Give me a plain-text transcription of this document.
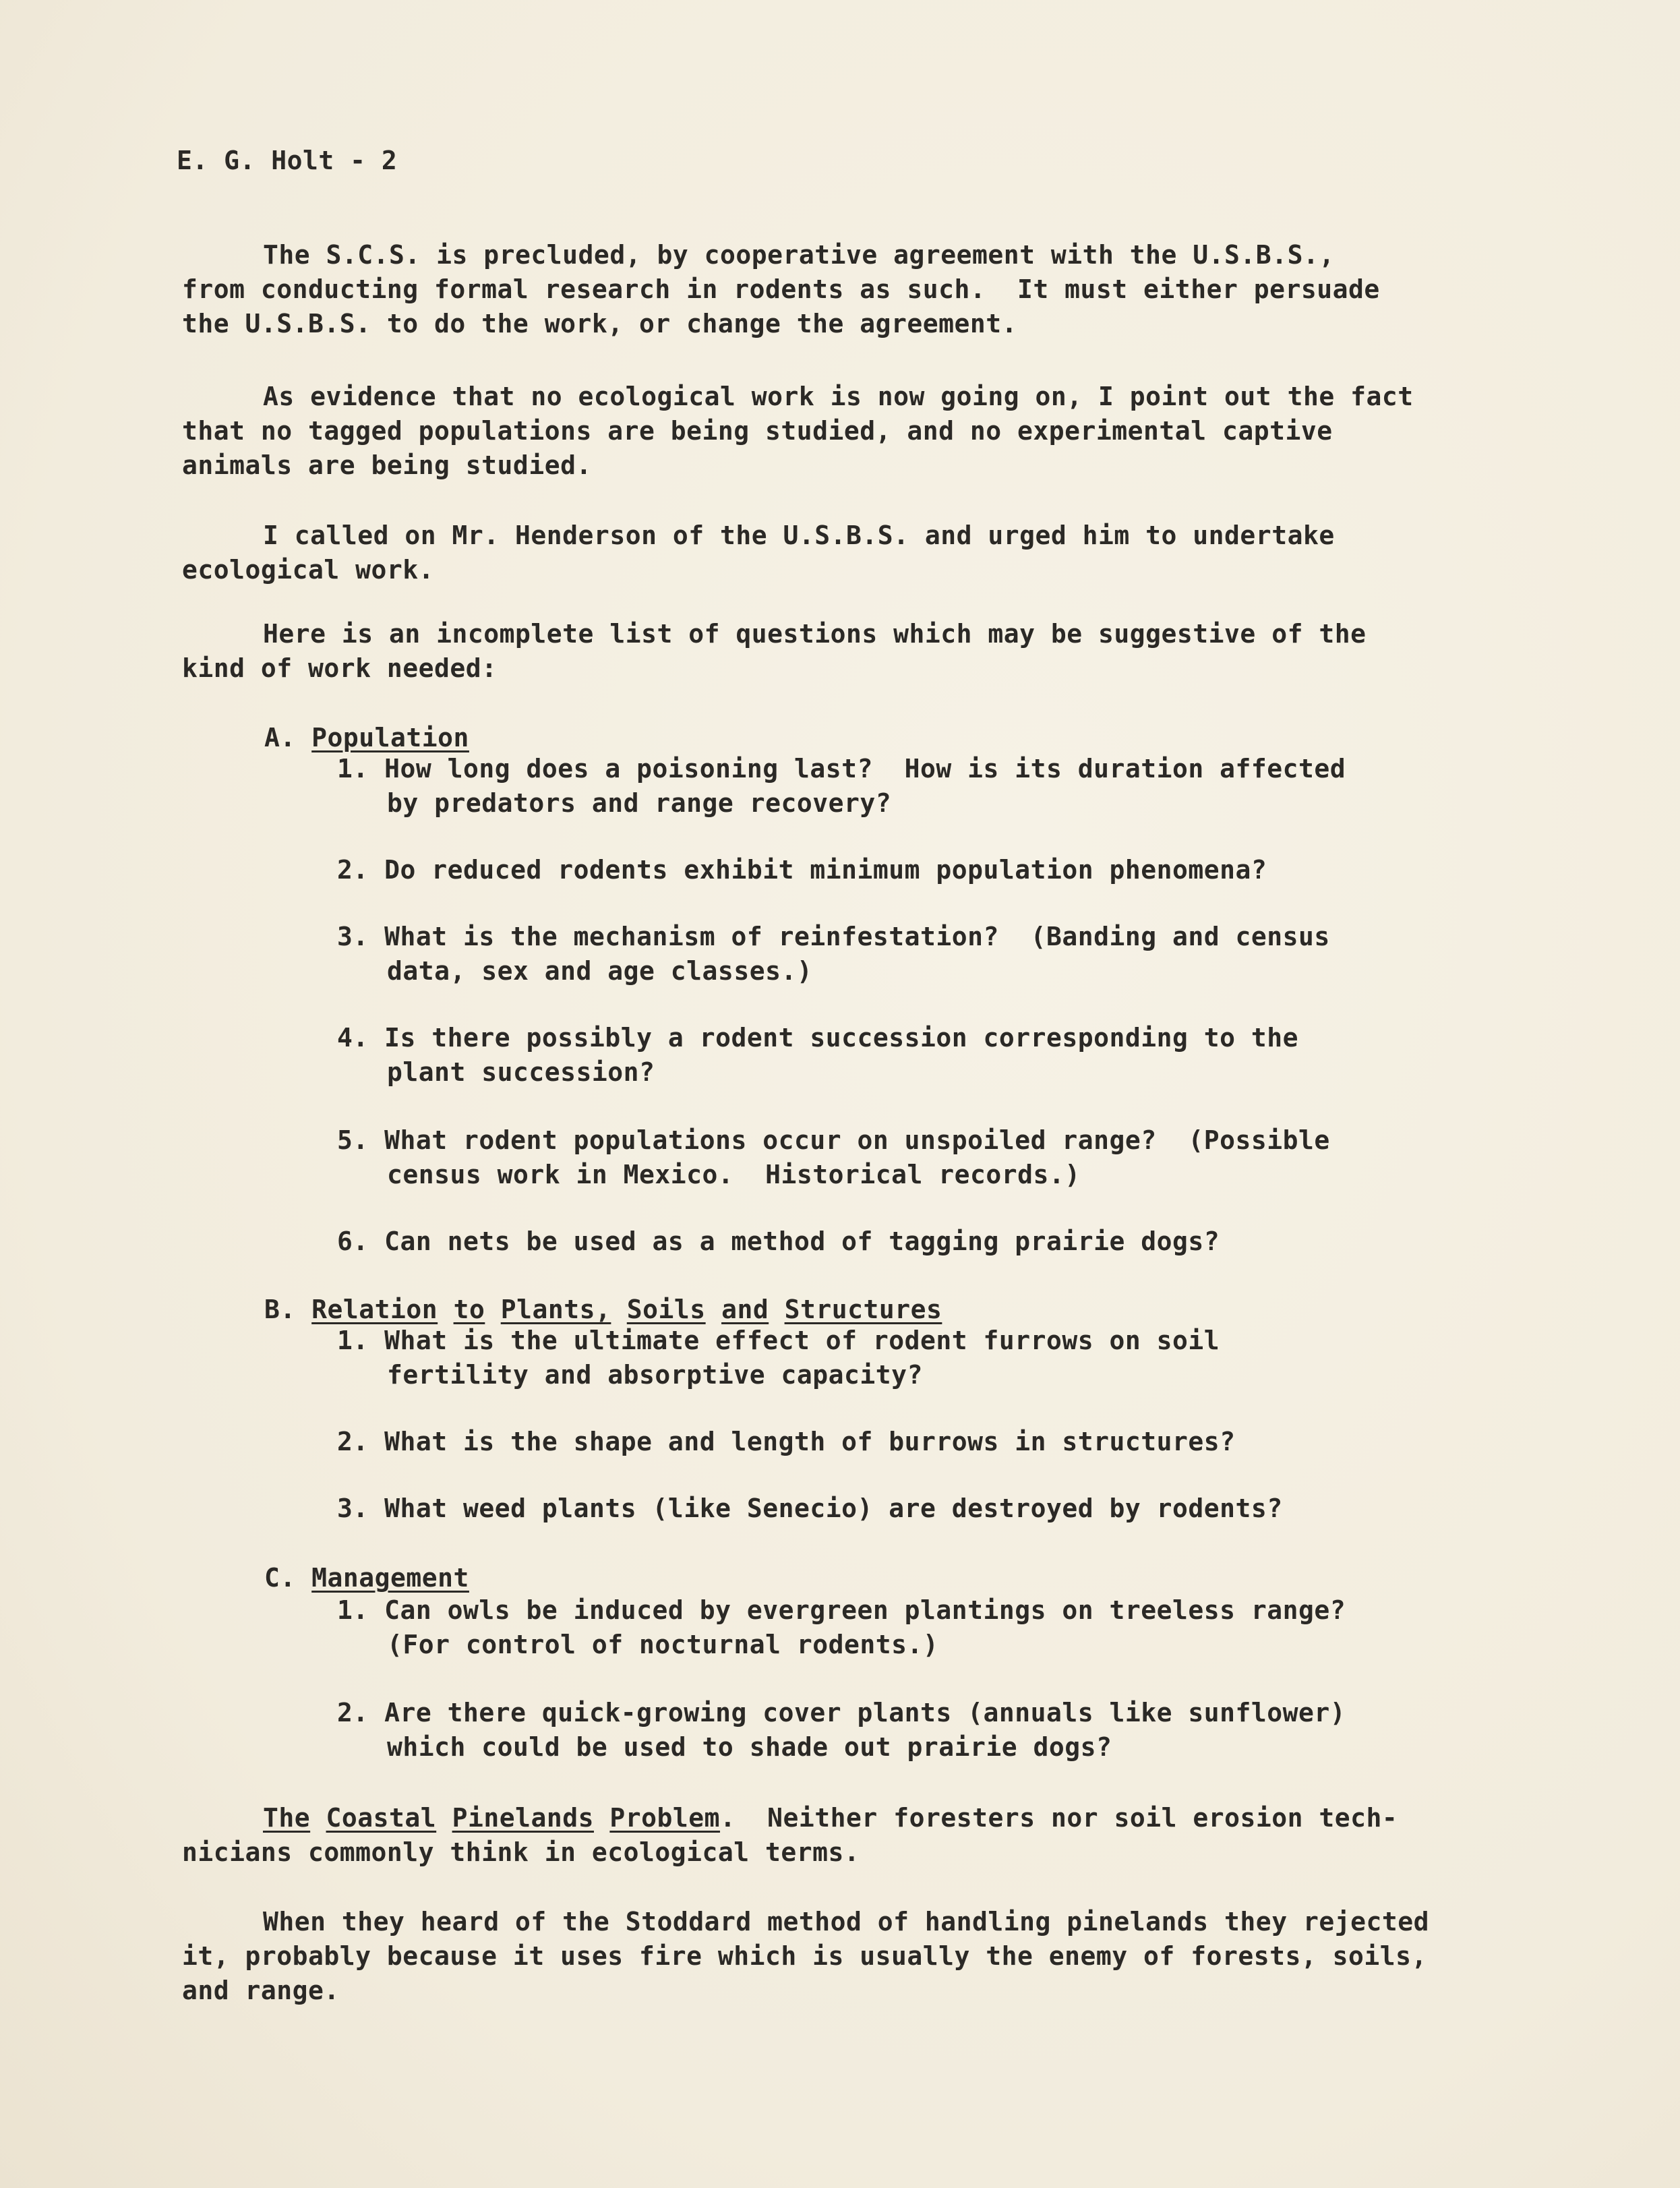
E. G. Holt - 2
The S.C.S. is precluded, by cooperative agreement with the U.S.B.S.,
from conducting formal research in rodents as such.  It must either persuade
the U.S.B.S. to do the work, or change the agreement.
As evidence that no ecological work is now going on, I point out the fact
that no tagged populations are being studied, and no experimental captive
animals are being studied.
I called on Mr. Henderson of the U.S.B.S. and urged him to undertake
ecological work.
Here is an incomplete list of questions which may be suggestive of the
kind of work needed:
A. Population
1. How long does a poisoning last?  How is its duration affected
by predators and range recovery?
2. Do reduced rodents exhibit minimum population phenomena?
3. What is the mechanism of reinfestation?  (Banding and census
data, sex and age classes.)
4. Is there possibly a rodent succession corresponding to the
plant succession?
5. What rodent populations occur on unspoiled range?  (Possible
census work in Mexico.  Historical records.)
6. Can nets be used as a method of tagging prairie dogs?
B. Relation to Plants, Soils and Structures
1. What is the ultimate effect of rodent furrows on soil
fertility and absorptive capacity?
2. What is the shape and length of burrows in structures?
3. What weed plants (like Senecio) are destroyed by rodents?
C. Management
1. Can owls be induced by evergreen plantings on treeless range?
(For control of nocturnal rodents.)
2. Are there quick-growing cover plants (annuals like sunflower)
which could be used to shade out prairie dogs?
The Coastal Pinelands Problem.  Neither foresters nor soil erosion tech-
nicians commonly think in ecological terms.
When they heard of the Stoddard method of handling pinelands they rejected
it, probably because it uses fire which is usually the enemy of forests, soils,
and range.
